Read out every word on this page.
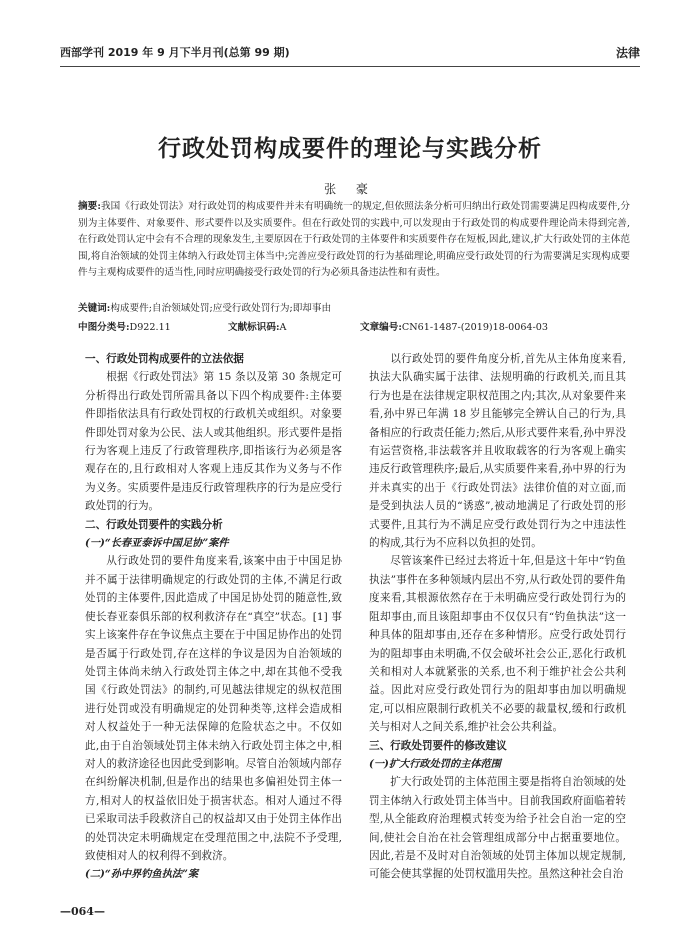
西部学刊 2019 年 9 月下半月刊(总第 99 期)	法律
行政处罚构成要件的理论与实践分析
张 豪
摘要:我国《行政处罚法》对行政处罚的构成要件并未有明确统一的规定,但依照法条分析可归纳出行政处罚需要满足四构成要件,分别为主体要件、对象要件、形式要件以及实质要件。但在行政处罚的实践中,可以发现由于行政处罚的构成要件理论尚未得到完善,在行政处罚认定中会有不合理的现象发生,主要原因在于行政处罚的主体要件和实质要件存在短板,因此,建议,扩大行政处罚的主体范围,将自治领域的处罚主体纳入行政处罚主体当中;完善应受行政处罚的行为基础理论,明确应受行政处罚的行为需要满足实现构成要件与主观构成要件的适当性,同时应明确接受行政处罚的行为必须具备违法性和有责性。
关键词:构成要件;自治领域处罚;应受行政处罚行为;即却事由
中图分类号:D922.11	文献标识码:A	文章编号:CN61-1487-(2019)18-0064-03
一、行政处罚构成要件的立法依据

根据《行政处罚法》第 15 条以及第 30 条规定可分析得出行政处罚所需具备以下四个构成要件:主体要件即指依法具有行政处罚权的行政机关或组织。对象要件即处罚对象为公民、法人或其他组织。形式要件是指行为客观上违反了行政管理秩序,即指该行为必须是客观存在的,且行政相对人客观上违反其作为义务与不作为义务。实质要件是违反行政管理秩序的行为是应受行政处罚的行为。

二、行政处罚要件的实践分析
(一)“长春亚泰诉中国足协”案件

从行政处罚的要件角度来看,该案中由于中国足协并不属于法律明确规定的行政处罚的主体,不满足行政处罚的主体要件,因此造成了中国足协处罚的随意性,致使长春亚泰俱乐部的权利救济存在“真空”状态。[1] 事实上该案件存在争议焦点主要在于中国足协作出的处罚是否属于行政处罚,存在这样的争议是因为自治领域的处罚主体尚未纳入行政处罚主体之中,却在其他不受我国《行政处罚法》的制约,可见越法律规定的纵权范围进行处罚或没有明确规定的处罚种类等,这样会造成相对人权益处于一种无法保障的危险状态之中。不仅如此,由于自治领域处罚主体未纳入行政处罚主体之中,相对人的救济途径也因此受到影响。尽管自治领域内部存在纠纷解决机制,但是作出的结果也多偏袒处罚主体一方,相对人的权益依旧处于损害状态。相对人通过不得已采取司法手段救济自己的权益却又由于处罚主体作出的处罚决定未明确规定在受理范围之中,法院不予受理,致使相对人的权利得不到救济。

(二)“孙中界钓鱼执法”案

以行政处罚的要件角度分析,首先从主体角度来看,执法大队确实属于法律、法规明确的行政机关,而且其行为也是在法律规定职权范围之内;其次,从对象要件来看,孙中界已年满 18 岁且能够完全辨认自己的行为,具备相应的行政责任能力;然后,从形式要件来看,孙中界没有运营资格,非法载客并且收取载客的行为客观上确实违反行政管理秩序;最后,从实质要件来看,孙中界的行为并未真实的出于《行政处罚法》法律价值的对立面,而是受到执法人员的“诱惑”,被动地满足了行政处罚的形式要件,且其行为不满足应受行政处罚行为之中违法性的构成,其行为不应科以负担的处罚。

尽管该案件已经过去将近十年,但是这十年中“钓鱼执法”事件在多种领域内层出不穷,从行政处罚的要件角度来看,其根源依然存在于未明确应受行政处罚行为的阻却事由,而且该阻却事由不仅仅只有“钓鱼执法”这一种具体的阻却事由,还存在多种情形。应受行政处罚行为的阻却事由未明确,不仅会破坏社会公正,恶化行政机关和相对人本就紧张的关系,也不利于维护社会公共利益。因此对应受行政处罚行为的阻却事由加以明确规定,可以相应限制行政机关不必要的裁量权,缓和行政机关与相对人之间关系,维护社会公共利益。

三、行政处罚要件的修改建议
(一)扩大行政处罚的主体范围

扩大行政处罚的主体范围主要是指将自治领域的处罚主体纳入行政处罚主体当中。目前我国政府面临着转型,从全能政府治理模式转变为给予社会自治一定的空间,使社会自治在社会管理组成部分中占据重要地位。因此,若是不及时对自治领域的处罚主体加以规定规制,可能会使其掌握的处罚权滥用失控。虽然这种社会自治

—064—
